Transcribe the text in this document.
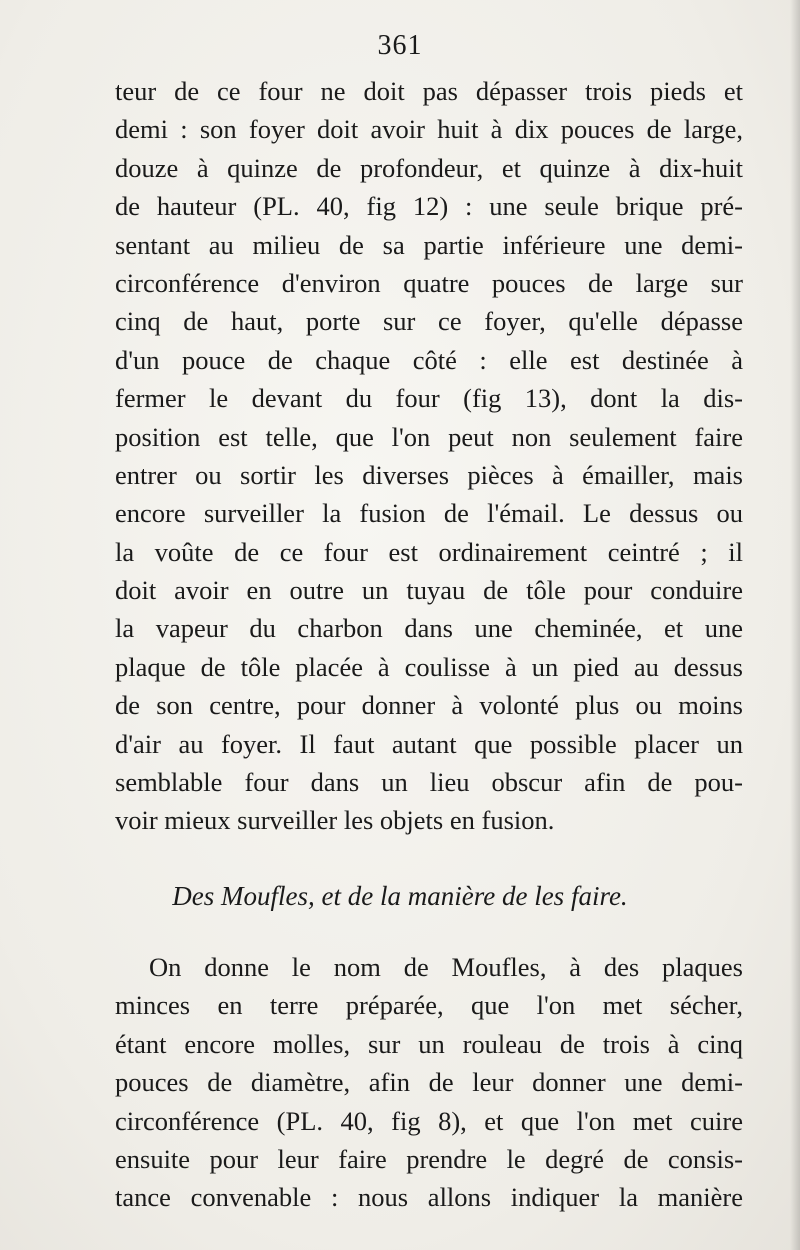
361
teur de ce four ne doit pas dépasser trois pieds et
demi : son foyer doit avoir huit à dix pouces de large,
douze à quinze de profondeur, et quinze à dix-huit
de hauteur (PL. 40, fig 12) : une seule brique pré-
sentant au milieu de sa partie inférieure une demi-
circonférence d'environ quatre pouces de large sur
cinq de haut, porte sur ce foyer, qu'elle dépasse
d'un pouce de chaque côté : elle est destinée à
fermer le devant du four (fig 13), dont la dis-
position est telle, que l'on peut non seulement faire
entrer ou sortir les diverses pièces à émailler, mais
encore surveiller la fusion de l'émail. Le dessus ou
la voûte de ce four est ordinairement ceintré ; il
doit avoir en outre un tuyau de tôle pour conduire
la vapeur du charbon dans une cheminée, et une
plaque de tôle placée à coulisse à un pied au dessus
de son centre, pour donner à volonté plus ou moins
d'air au foyer. Il faut autant que possible placer un
semblable four dans un lieu obscur afin de pou-
voir mieux surveiller les objets en fusion.
Des Moufles, et de la manière de les faire.
On donne le nom de Moufles, à des plaques
minces en terre préparée, que l'on met sécher,
étant encore molles, sur un rouleau de trois à cinq
pouces de diamètre, afin de leur donner une demi-
circonférence (PL. 40, fig 8), et que l'on met cuire
ensuite pour leur faire prendre le degré de consis-
tance convenable : nous allons indiquer la manière
